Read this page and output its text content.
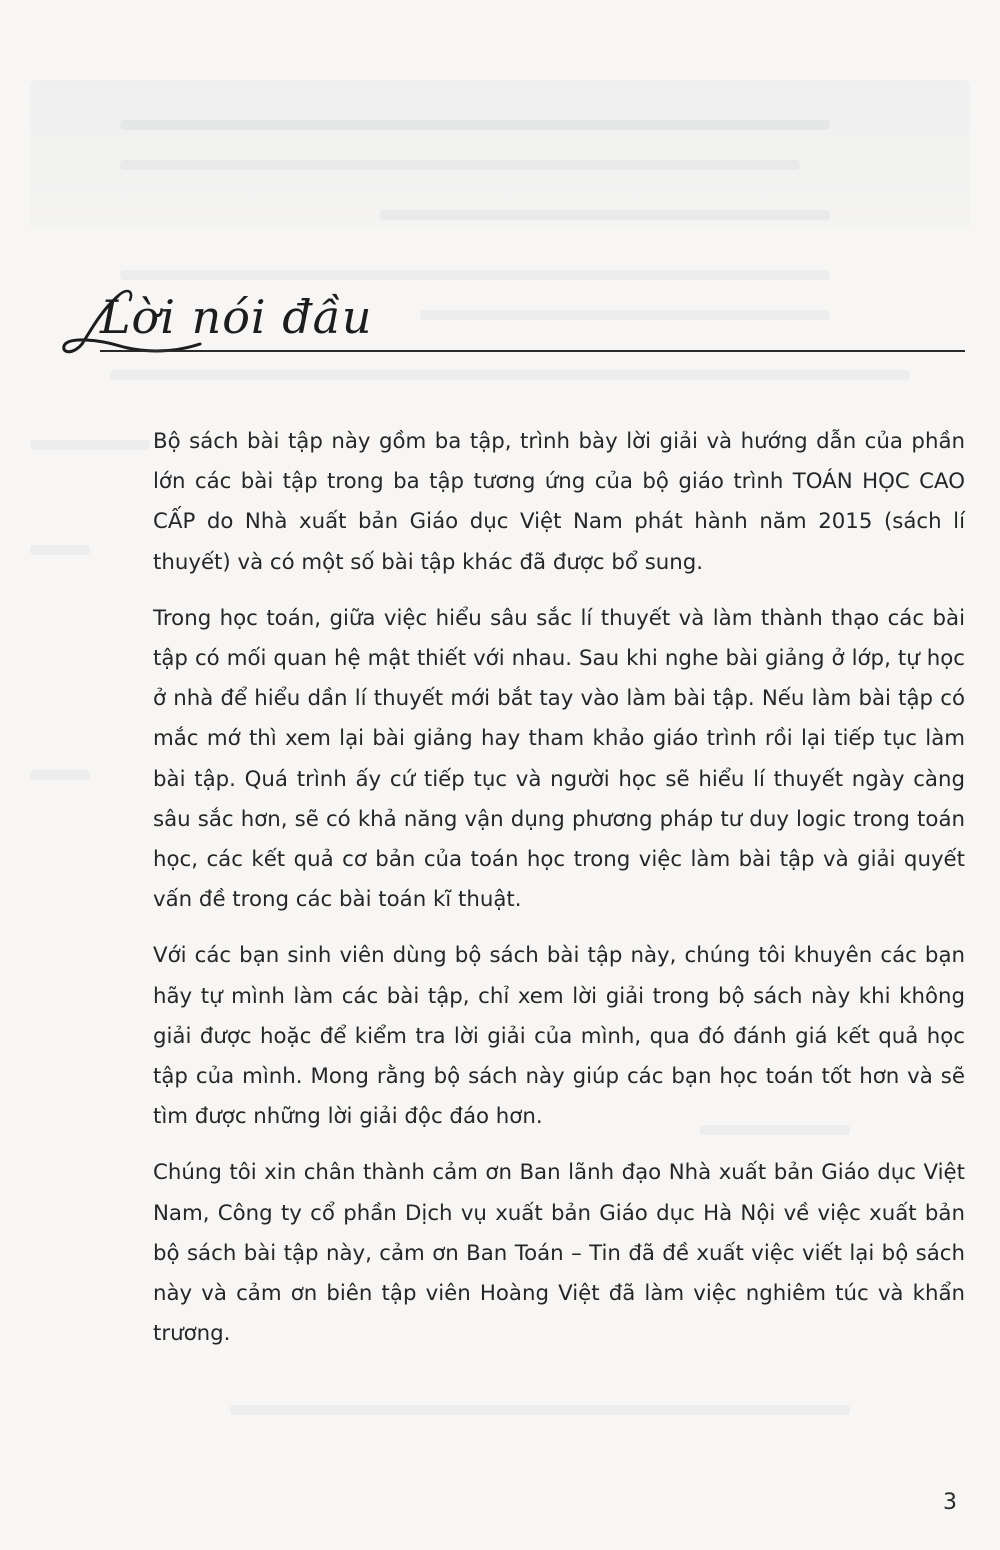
Lời nói đầu

Bộ sách bài tập này gồm ba tập, trình bày lời giải và hướng dẫn của phần lớn các bài tập trong ba tập tương ứng của bộ giáo trình TOÁN HỌC CAO CẤP do Nhà xuất bản Giáo dục Việt Nam phát hành năm 2015 (sách lí thuyết) và có một số bài tập khác đã được bổ sung.

Trong học toán, giữa việc hiểu sâu sắc lí thuyết và làm thành thạo các bài tập có mối quan hệ mật thiết với nhau. Sau khi nghe bài giảng ở lớp, tự học ở nhà để hiểu dần lí thuyết mới bắt tay vào làm bài tập. Nếu làm bài tập có mắc mớ thì xem lại bài giảng hay tham khảo giáo trình rồi lại tiếp tục làm bài tập. Quá trình ấy cứ tiếp tục và người học sẽ hiểu lí thuyết ngày càng sâu sắc hơn, sẽ có khả năng vận dụng phương pháp tư duy logic trong toán học, các kết quả cơ bản của toán học trong việc làm bài tập và giải quyết vấn đề trong các bài toán kĩ thuật.

Với các bạn sinh viên dùng bộ sách bài tập này, chúng tôi khuyên các bạn hãy tự mình làm các bài tập, chỉ xem lời giải trong bộ sách này khi không giải được hoặc để kiểm tra lời giải của mình, qua đó đánh giá kết quả học tập của mình. Mong rằng bộ sách này giúp các bạn học toán tốt hơn và sẽ tìm được những lời giải độc đáo hơn.

Chúng tôi xin chân thành cảm ơn Ban lãnh đạo Nhà xuất bản Giáo dục Việt Nam, Công ty cổ phần Dịch vụ xuất bản Giáo dục Hà Nội về việc xuất bản bộ sách bài tập này, cảm ơn Ban Toán – Tin đã đề xuất việc viết lại bộ sách này và cảm ơn biên tập viên Hoàng Việt đã làm việc nghiêm túc và khẩn trương.

3
